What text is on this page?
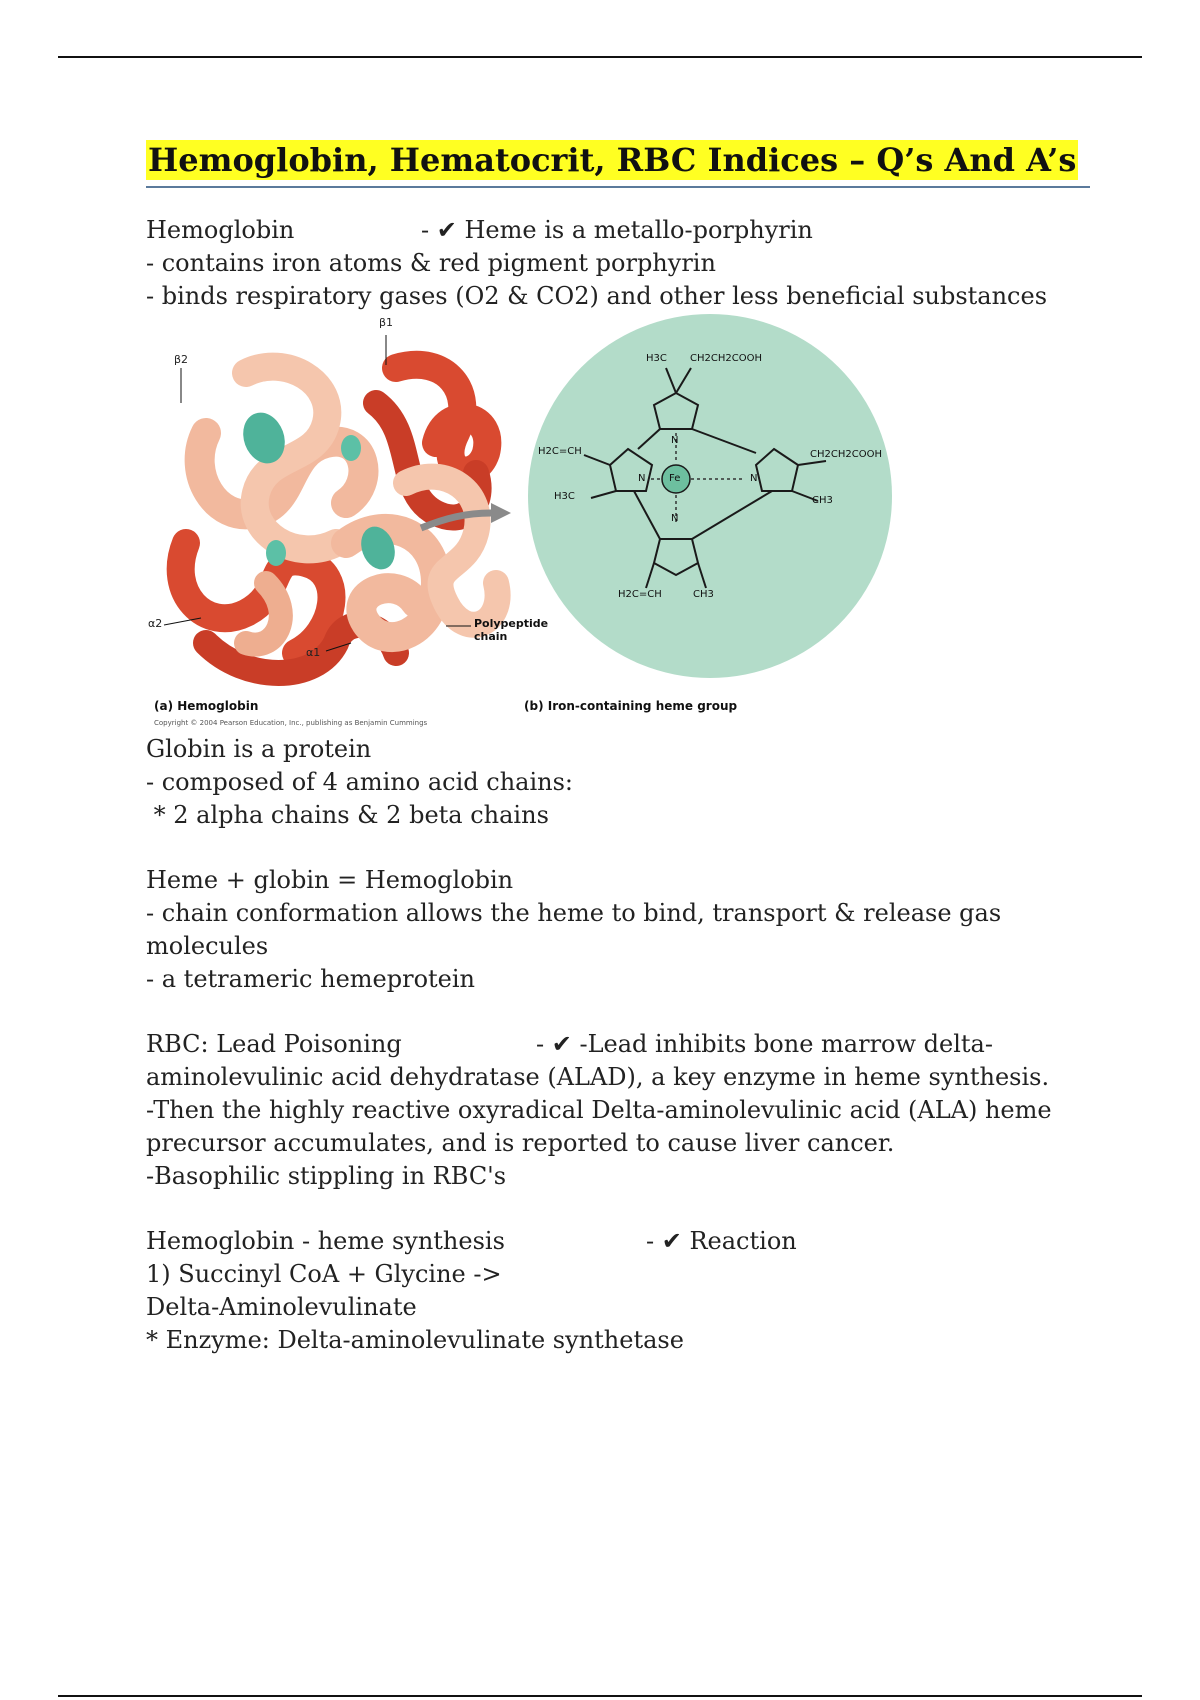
Hemoglobin, Hematocrit, RBC Indices – Q’s And A’s
Hemoglobin	- ✔ Heme is a metallo-porphyrin
- contains iron atoms & red pigment porphyrin
- binds respiratory gases (O2 & CO2) and other less beneficial substances
β1
β2
α2
α1
Polypeptide
chain
H3C CH2CH2COOH
H2C=CH
H3C
CH2CH2COOH
CH3
H2C=CH	CH3
N
N	N
N
Fe
(a) Hemoglobin	(b) Iron-containing heme group
Copyright © 2004 Pearson Education, Inc., publishing as Benjamin Cummings
Globin is a protein
- composed of 4 amino acid chains:
* 2 alpha chains & 2 beta chains
Heme + globin = Hemoglobin
- chain conformation allows the heme to bind, transport & release gas molecules
- a tetrameric hemeprotein
RBC: Lead Poisoning	- ✔ -Lead inhibits bone marrow delta-
aminolevulinic acid dehydratase (ALAD), a key enzyme in heme synthesis.
-Then the highly reactive oxyradical Delta-aminolevulinic acid (ALA) heme precursor accumulates, and is reported to cause liver cancer.
-Basophilic stippling in RBC's
Hemoglobin - heme synthesis	- ✔ Reaction
1) Succinyl CoA + Glycine ->
Delta-Aminolevulinate
* Enzyme: Delta-aminolevulinate synthetase
